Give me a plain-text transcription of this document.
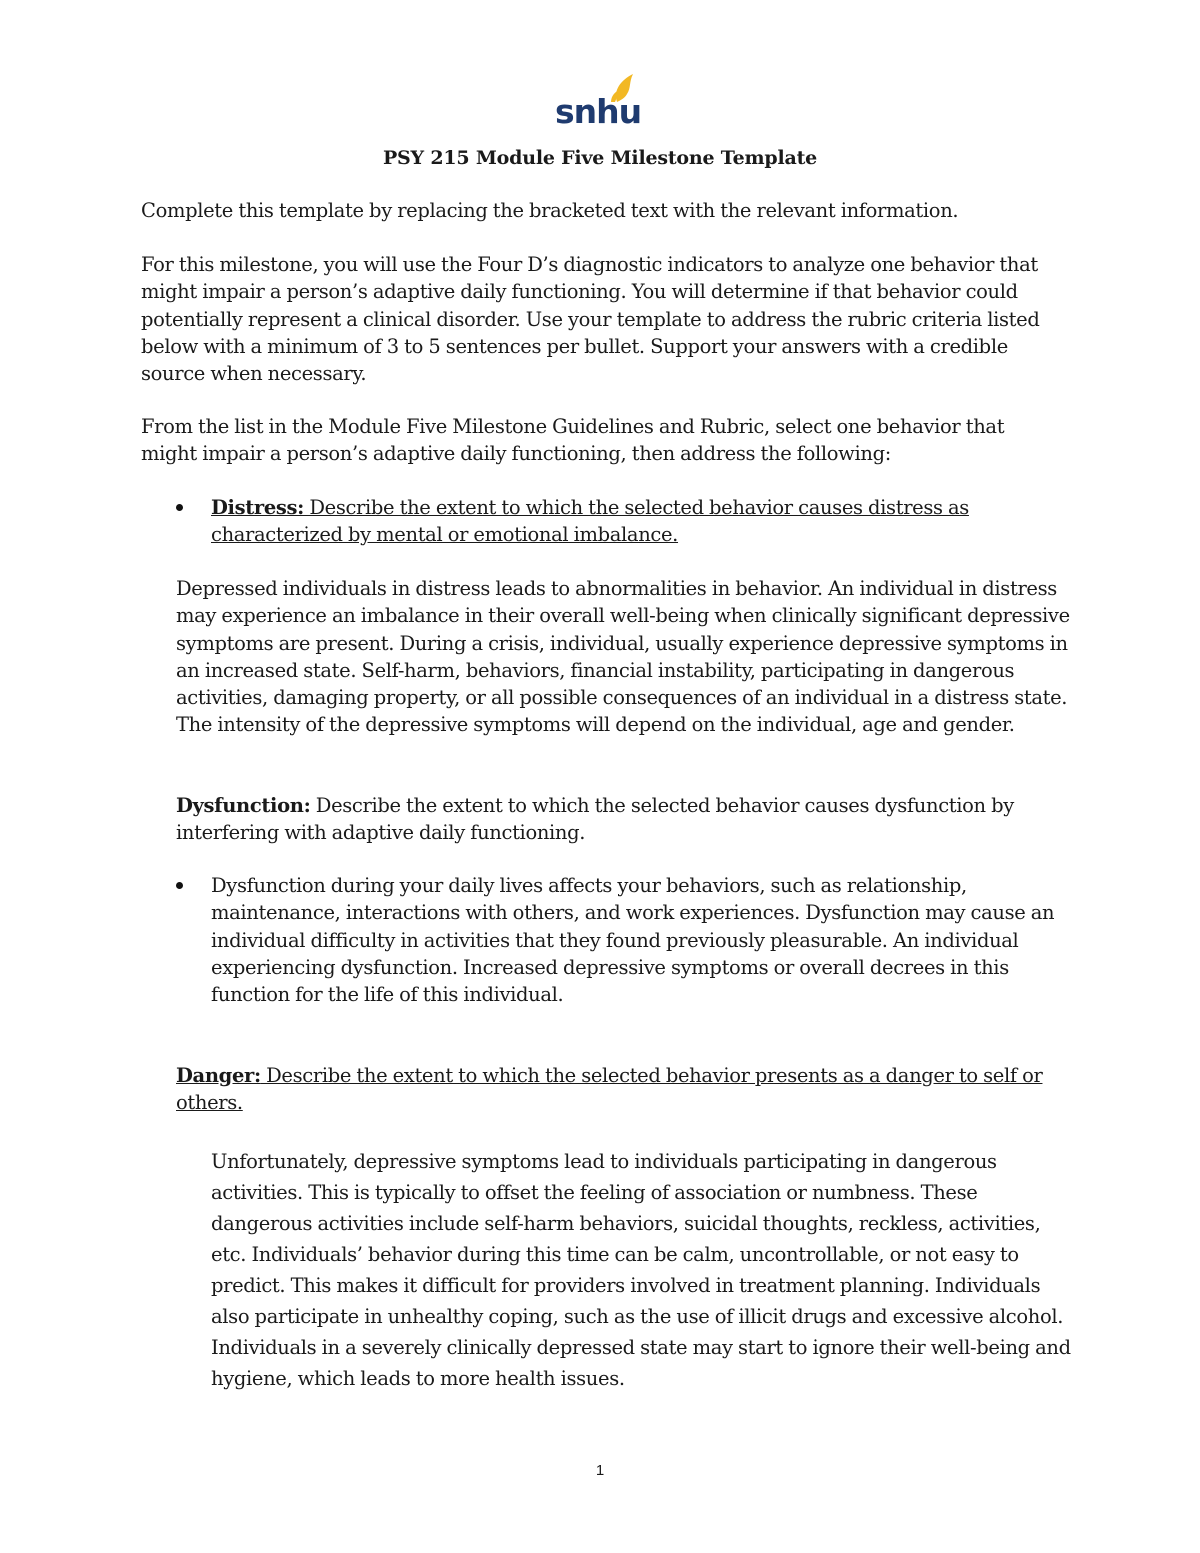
snhu
PSY 215 Module Five Milestone Template

Complete this template by replacing the bracketed text with the relevant information.

For this milestone, you will use the Four D’s diagnostic indicators to analyze one behavior that might impair a person’s adaptive daily functioning. You will determine if that behavior could potentially represent a clinical disorder. Use your template to address the rubric criteria listed below with a minimum of 3 to 5 sentences per bullet. Support your answers with a credible source when necessary.

From the list in the Module Five Milestone Guidelines and Rubric, select one behavior that might impair a person’s adaptive daily functioning, then address the following:

Distress: Describe the extent to which the selected behavior causes distress as characterized by mental or emotional imbalance.

Depressed individuals in distress leads to abnormalities in behavior. An individual in distress may experience an imbalance in their overall well-being when clinically significant depressive symptoms are present. During a crisis, individual, usually experience depressive symptoms in an increased state. Self-harm, behaviors, financial instability, participating in dangerous activities, damaging property, or all possible consequences of an individual in a distress state. The intensity of the depressive symptoms will depend on the individual, age and gender.

Dysfunction: Describe the extent to which the selected behavior causes dysfunction by interfering with adaptive daily functioning.

Dysfunction during your daily lives affects your behaviors, such as relationship, maintenance, interactions with others, and work experiences. Dysfunction may cause an individual difficulty in activities that they found previously pleasurable. An individual experiencing dysfunction. Increased depressive symptoms or overall decrees in this function for the life of this individual.

Danger: Describe the extent to which the selected behavior presents as a danger to self or others.

Unfortunately, depressive symptoms lead to individuals participating in dangerous activities. This is typically to offset the feeling of association or numbness. These dangerous activities include self-harm behaviors, suicidal thoughts, reckless, activities, etc. Individuals’ behavior during this time can be calm, uncontrollable, or not easy to predict. This makes it difficult for providers involved in treatment planning. Individuals also participate in unhealthy coping, such as the use of illicit drugs and excessive alcohol. Individuals in a severely clinically depressed state may start to ignore their well-being and hygiene, which leads to more health issues.

1
